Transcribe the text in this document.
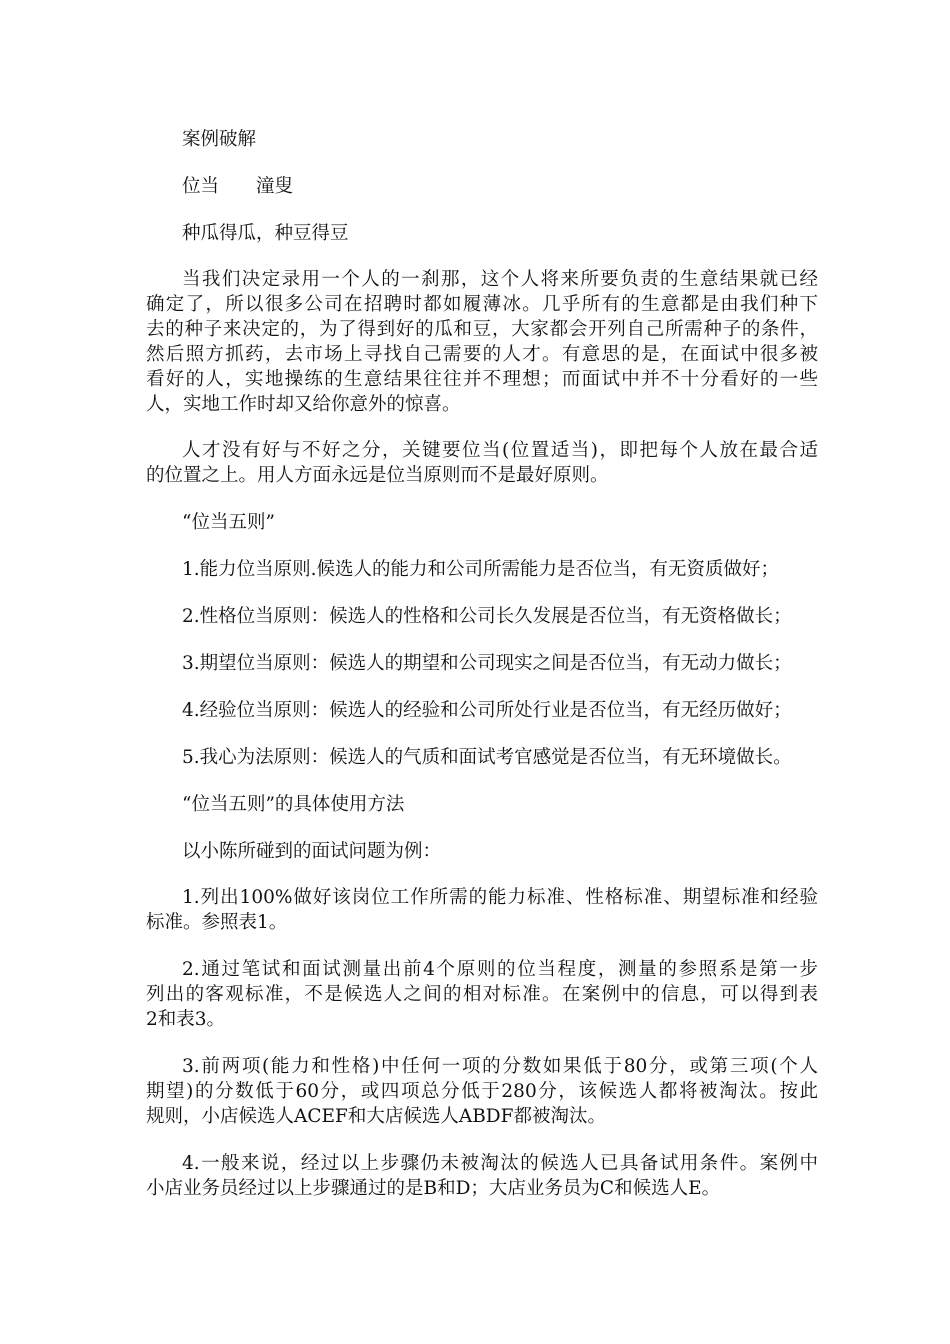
案例破解
位当　　潼叟
种瓜得瓜，种豆得豆
当我们决定录用一个人的一刹那，这个人将来所要负责的生意结果就已经
确定了，所以很多公司在招聘时都如履薄冰。几乎所有的生意都是由我们种下
去的种子来决定的，为了得到好的瓜和豆，大家都会开列自己所需种子的条件，
然后照方抓药，去市场上寻找自己需要的人才。有意思的是，在面试中很多被
看好的人，实地操练的生意结果往往并不理想；而面试中并不十分看好的一些
人，实地工作时却又给你意外的惊喜。
人才没有好与不好之分，关键要位当(位置适当)，即把每个人放在最合适
的位置之上。用人方面永远是位当原则而不是最好原则。
“位当五则”
1.能力位当原则.候选人的能力和公司所需能力是否位当，有无资质做好；
2.性格位当原则：候选人的性格和公司长久发展是否位当，有无资格做长；
3.期望位当原则：候选人的期望和公司现实之间是否位当，有无动力做长；
4.经验位当原则：候选人的经验和公司所处行业是否位当，有无经历做好；
5.我心为法原则：候选人的气质和面试考官感觉是否位当，有无环境做长。
“位当五则”的具体使用方法
以小陈所碰到的面试问题为例：
1.列出100%做好该岗位工作所需的能力标准、性格标准、期望标准和经验
标准。参照表1。
2.通过笔试和面试测量出前4个原则的位当程度，测量的参照系是第一步
列出的客观标准，不是候选人之间的相对标准。在案例中的信息，可以得到表
2和表3。
3.前两项(能力和性格)中任何一项的分数如果低于80分，或第三项(个人
期望)的分数低于60分，或四项总分低于280分，该候选人都将被淘汰。按此
规则，小店候选人ACEF和大店候选人ABDF都被淘汰。
4.一般来说，经过以上步骤仍未被淘汰的候选人已具备试用条件。案例中
小店业务员经过以上步骤通过的是B和D；大店业务员为C和候选人E。
